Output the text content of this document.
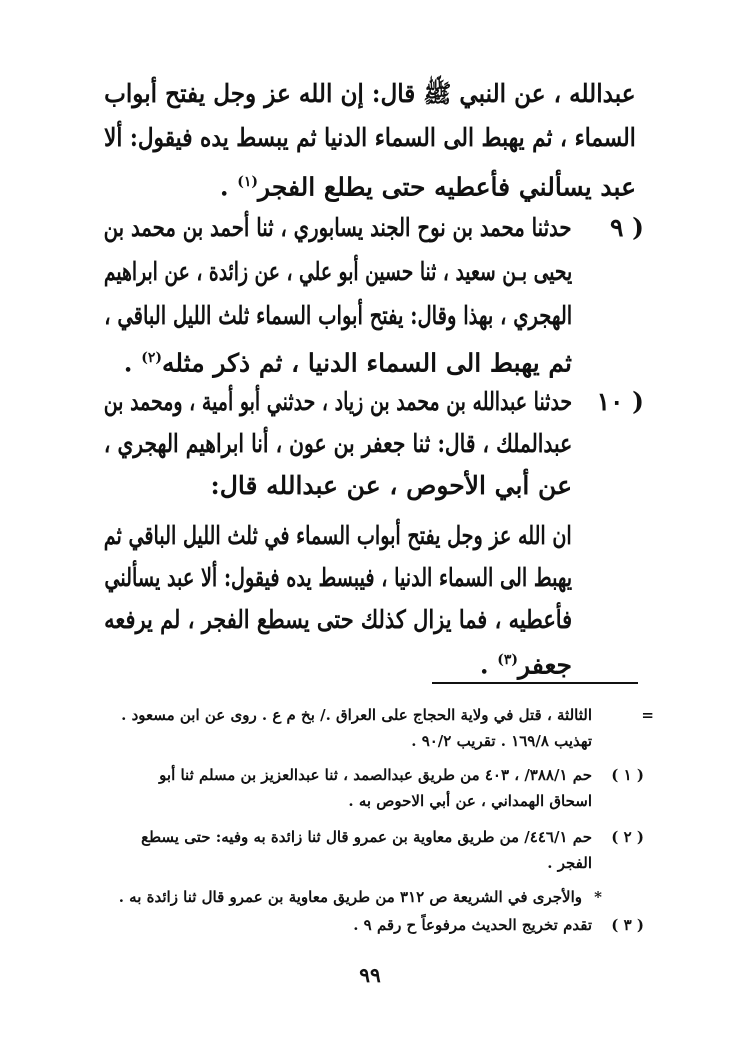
عبدالله ، عن النبي ﷺ قال: إن الله عز وجل يفتح أبواب
السماء ، ثم يهبط الى السماء الدنيا ثم يبسط يده فيقول: ألا
عبد يسألني فأعطيه حتى يطلع الفجر$^{(١)}$ .
٩ )
حدثنا محمد بن نوح الجند يسابوري ، ثنا أحمد بن محمد بن
يحيى بـن سعيد ، ثنا حسين أبو علي ، عن زائدة ، عن ابراهيم
الهجري ، بهذا وقال: يفتح أبواب السماء ثلث الليل الباقي ،
ثم يهبط الى السماء الدنيا ، ثم ذكر مثله$^{(٢)}$ .
١٠ )
حدثنا عبدالله بن محمد بن زياد ، حدثني أبو أمية ، ومحمد بن
عبدالملك ، قال: ثنا جعفر بن عون ، أنا ابراهيم الهجري ،
عن أبي الأحوص ، عن عبدالله قال:
ان الله عز وجل يفتح أبواب السماء في ثلث الليل الباقي ثم
يهبط الى السماء الدنيا ، فيبسط يده فيقول: ألا عبد يسألني
فأعطيه ، فما يزال كذلك حتى يسطع الفجر ، لم يرفعه
جعفر$^{(٣)}$ .
=
الثالثة ، قتل في ولاية الحجاج على العراق ./ بخ م ع . روى عن ابن مسعود .
تهذيب ١٦٩/٨ . تقريب ٩٠/٢ .
( ١ )
حم ٣٨٨/١/ ، ٤٠٣ من طريق عبدالصمد ، ثنا عبدالعزيز بن مسلم ثنا أبو
اسحاق الهمداني ، عن أبي الاحوص به .
( ٢ )
حم ٤٤٦/١/ من طريق معاوية بن عمرو قال ثنا زائدة به وفيه: حتى يسطع
الفجر .
*
والأجرى في الشريعة ص ٣١٢ من طريق معاوية بن عمرو قال ثنا زائدة به .
( ٣ )
تقدم تخريج الحديث مرفوعاً ح رقم ٩ .
٩٩
